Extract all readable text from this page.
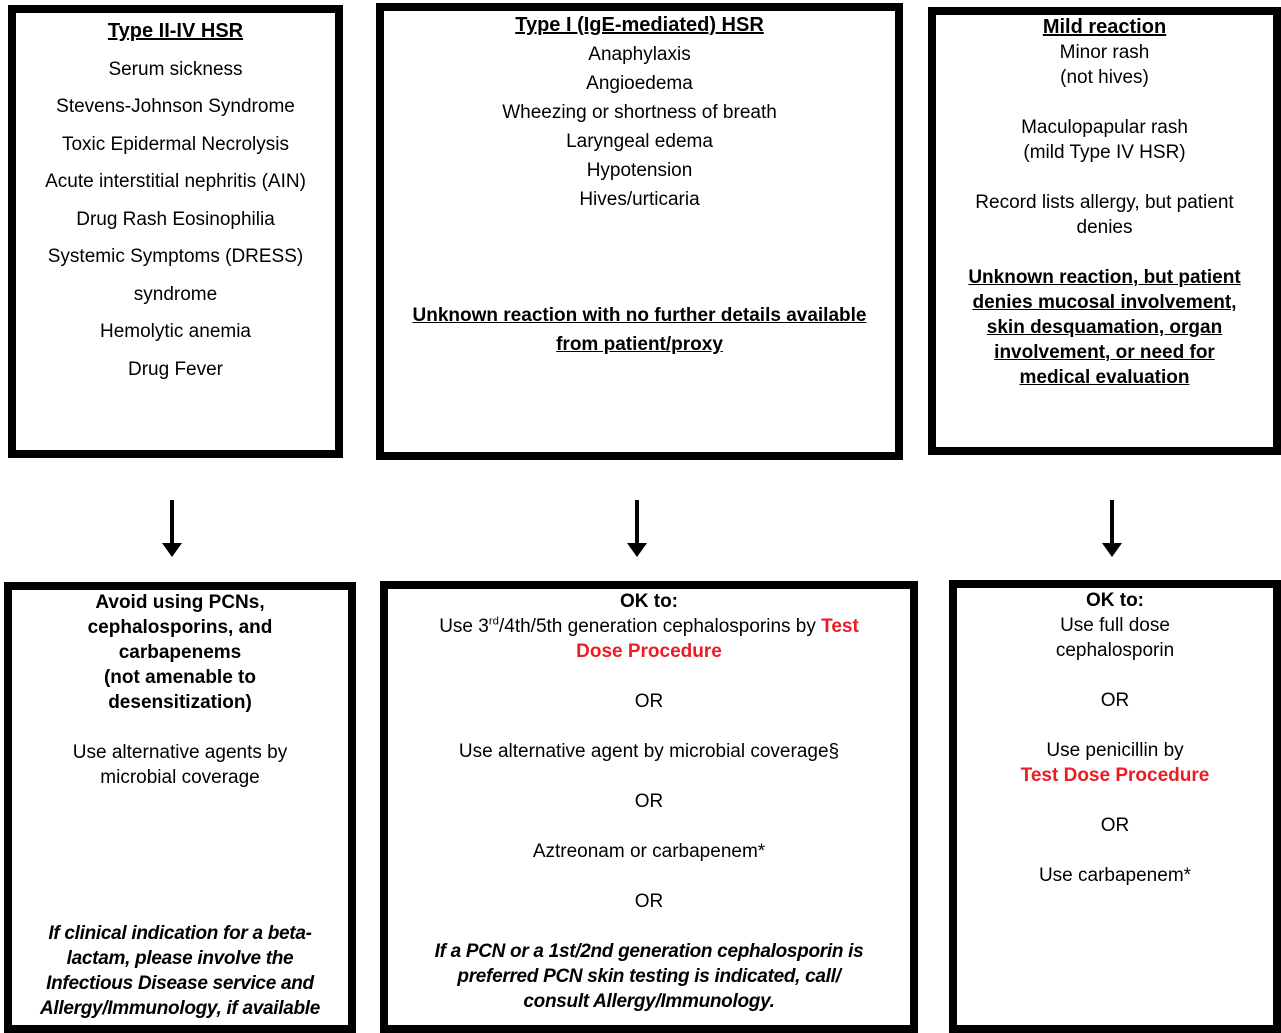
Type II-IV HSR
Serum sickness
Stevens-Johnson Syndrome
Toxic Epidermal Necrolysis
Acute interstitial nephritis (AIN)
Drug Rash Eosinophilia
Systemic Symptoms (DRESS)
syndrome
Hemolytic anemia
Drug Fever
Type I (IgE-mediated) HSR
Anaphylaxis
Angioedema
Wheezing or shortness of breath
Laryngeal edema
Hypotension
Hives/urticaria
Unknown reaction with no further details available
from patient/proxy
Mild reaction
Minor rash
(not hives)
Maculopapular rash
(mild Type IV HSR)
Record lists allergy, but patient
denies
Unknown reaction, but patient
denies mucosal involvement,
skin desquamation, organ
involvement, or need for
medical evaluation
Avoid using PCNs,
cephalosporins, and
carbapenems
(not amenable to
desensitization)
Use alternative agents by
microbial coverage
If clinical indication for a beta-
lactam, please involve the
Infectious Disease service and
Allergy/Immunology, if available
OK to:
Use 3rd/4th/5th generation cephalosporins by Test
Dose Procedure
OR
Use alternative agent by microbial coverage§
OR
Aztreonam or carbapenem*
OR
If a PCN or a 1st/2nd generation cephalosporin is
preferred PCN skin testing is indicated, call/
consult Allergy/Immunology.
OK to:
Use full dose
cephalosporin
OR
Use penicillin by
Test Dose Procedure
OR
Use carbapenem*
